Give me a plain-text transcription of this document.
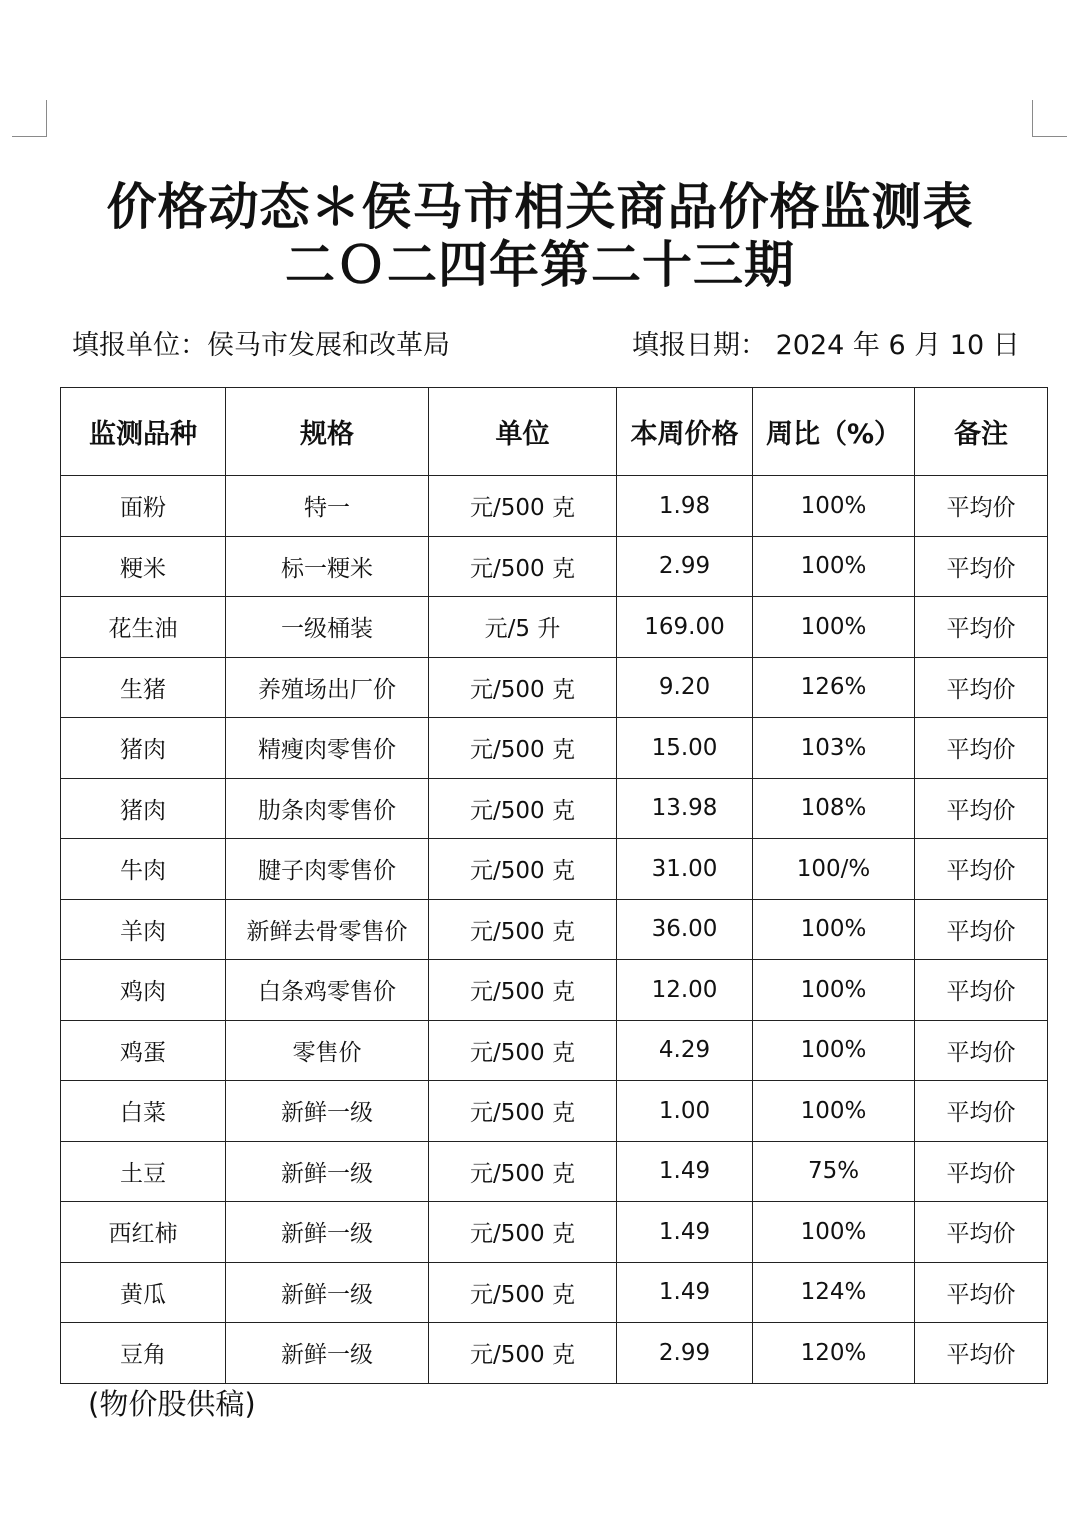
价格动态＊侯马市相关商品价格监测表
二Ｏ二四年第二十三期
填报单位：侯马市发展和改革局	填报日期： 2024 年 6 月 10 日
监测品种	规格	单位	本周价格	周比（%）	备注
面粉	特一	元/500 克	1.98	100%	平均价
粳米	标一粳米	元/500 克	2.99	100%	平均价
花生油	一级桶装	元/5 升	169.00	100%	平均价
生猪	养殖场出厂价	元/500 克	9.20	126%	平均价
猪肉	精瘦肉零售价	元/500 克	15.00	103%	平均价
猪肉	肋条肉零售价	元/500 克	13.98	108%	平均价
牛肉	腱子肉零售价	元/500 克	31.00	100/%	平均价
羊肉	新鲜去骨零售价	元/500 克	36.00	100%	平均价
鸡肉	白条鸡零售价	元/500 克	12.00	100%	平均价
鸡蛋	零售价	元/500 克	4.29	100%	平均价
白菜	新鲜一级	元/500 克	1.00	100%	平均价
土豆	新鲜一级	元/500 克	1.49	75%	平均价
西红柿	新鲜一级	元/500 克	1.49	100%	平均价
黄瓜	新鲜一级	元/500 克	1.49	124%	平均价
豆角	新鲜一级	元/500 克	2.99	120%	平均价
(物价股供稿)
